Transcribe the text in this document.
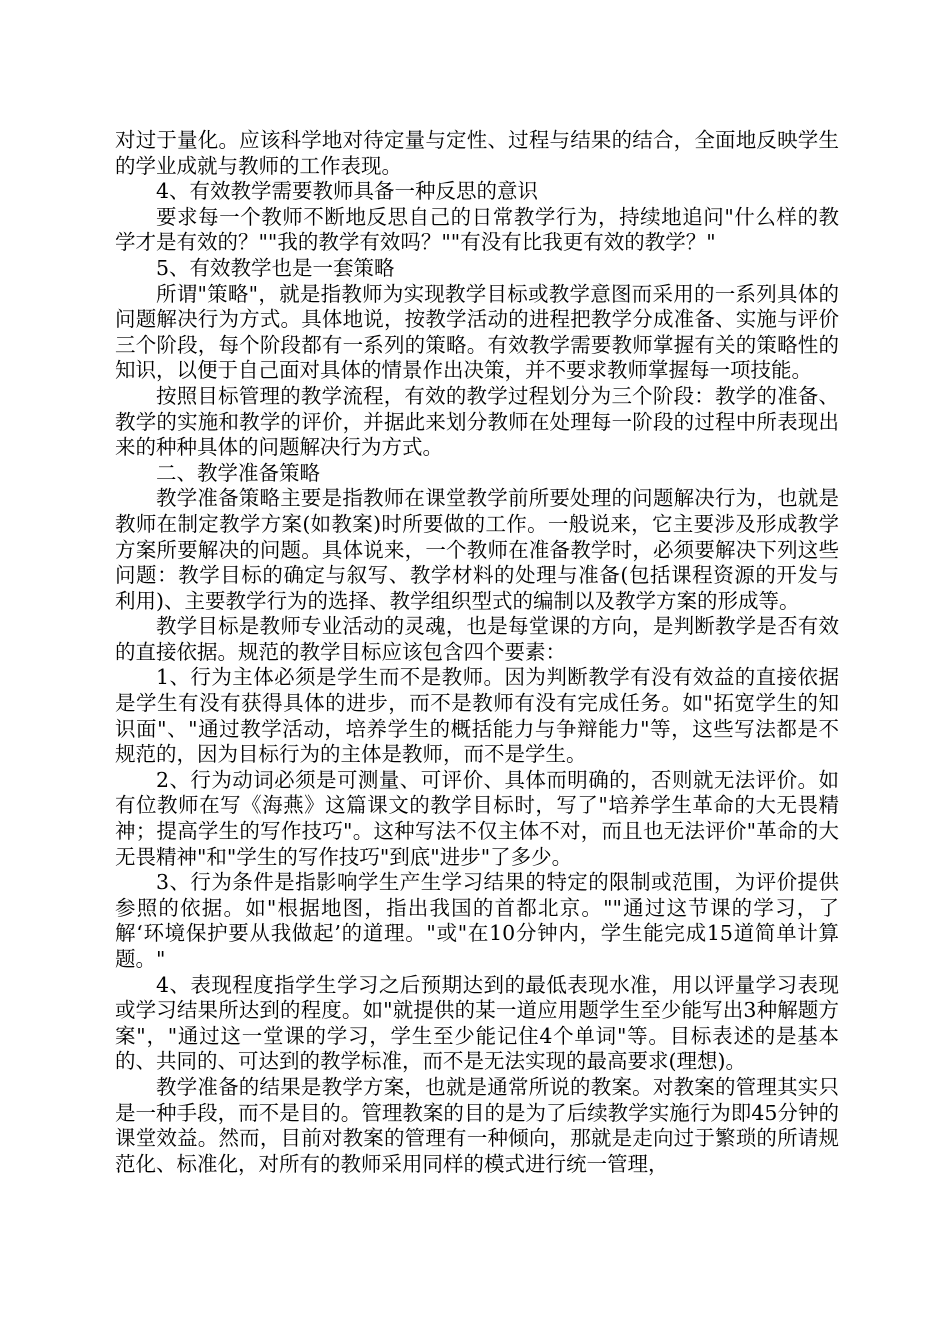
对过于量化。应该科学地对待定量与定性、过程与结果的结合，全面地反映学生的学业成就与教师的工作表现。

4、有效教学需要教师具备一种反思的意识

要求每一个教师不断地反思自己的日常教学行为，持续地追问"什么样的教学才是有效的？""我的教学有效吗？""有没有比我更有效的教学？"

5、有效教学也是一套策略

所谓"策略"，就是指教师为实现教学目标或教学意图而采用的一系列具体的问题解决行为方式。具体地说，按教学活动的进程把教学分成准备、实施与评价三个阶段，每个阶段都有一系列的策略。有效教学需要教师掌握有关的策略性的知识，以便于自己面对具体的情景作出决策，并不要求教师掌握每一项技能。

按照目标管理的教学流程，有效的教学过程划分为三个阶段：教学的准备、教学的实施和教学的评价，并据此来划分教师在处理每一阶段的过程中所表现出来的种种具体的问题解决行为方式。

二、教学准备策略

教学准备策略主要是指教师在课堂教学前所要处理的问题解决行为，也就是教师在制定教学方案(如教案)时所要做的工作。一般说来，它主要涉及形成教学方案所要解决的问题。具体说来，一个教师在准备教学时，必须要解决下列这些问题：教学目标的确定与叙写、教学材料的处理与准备(包括课程资源的开发与利用)、主要教学行为的选择、教学组织型式的编制以及教学方案的形成等。

教学目标是教师专业活动的灵魂，也是每堂课的方向，是判断教学是否有效的直接依据。规范的教学目标应该包含四个要素：

1、行为主体必须是学生而不是教师。因为判断教学有没有效益的直接依据是学生有没有获得具体的进步，而不是教师有没有完成任务。如"拓宽学生的知识面"、"通过教学活动，培养学生的概括能力与争辩能力"等，这些写法都是不规范的，因为目标行为的主体是教师，而不是学生。

2、行为动词必须是可测量、可评价、具体而明确的，否则就无法评价。如有位教师在写《海燕》这篇课文的教学目标时，写了"培养学生革命的大无畏精神；提高学生的写作技巧"。这种写法不仅主体不对，而且也无法评价"革命的大无畏精神"和"学生的写作技巧"到底"进步"了多少。

3、行为条件是指影响学生产生学习结果的特定的限制或范围，为评价提供参照的依据。如"根据地图，指出我国的首都北京。""通过这节课的学习，了解‘环境保护要从我做起’的道理。"或"在10分钟内，学生能完成15道简单计算题。"

4、表现程度指学生学习之后预期达到的最低表现水准，用以评量学习表现或学习结果所达到的程度。如"就提供的某一道应用题学生至少能写出3种解题方案"，"通过这一堂课的学习，学生至少能记住4个单词"等。目标表述的是基本的、共同的、可达到的教学标准，而不是无法实现的最高要求(理想)。

教学准备的结果是教学方案，也就是通常所说的教案。对教案的管理其实只是一种手段，而不是目的。管理教案的目的是为了后续教学实施行为即45分钟的课堂效益。然而，目前对教案的管理有一种倾向，那就是走向过于繁琐的所请规范化、标准化，对所有的教师采用同样的模式进行统一管理，
